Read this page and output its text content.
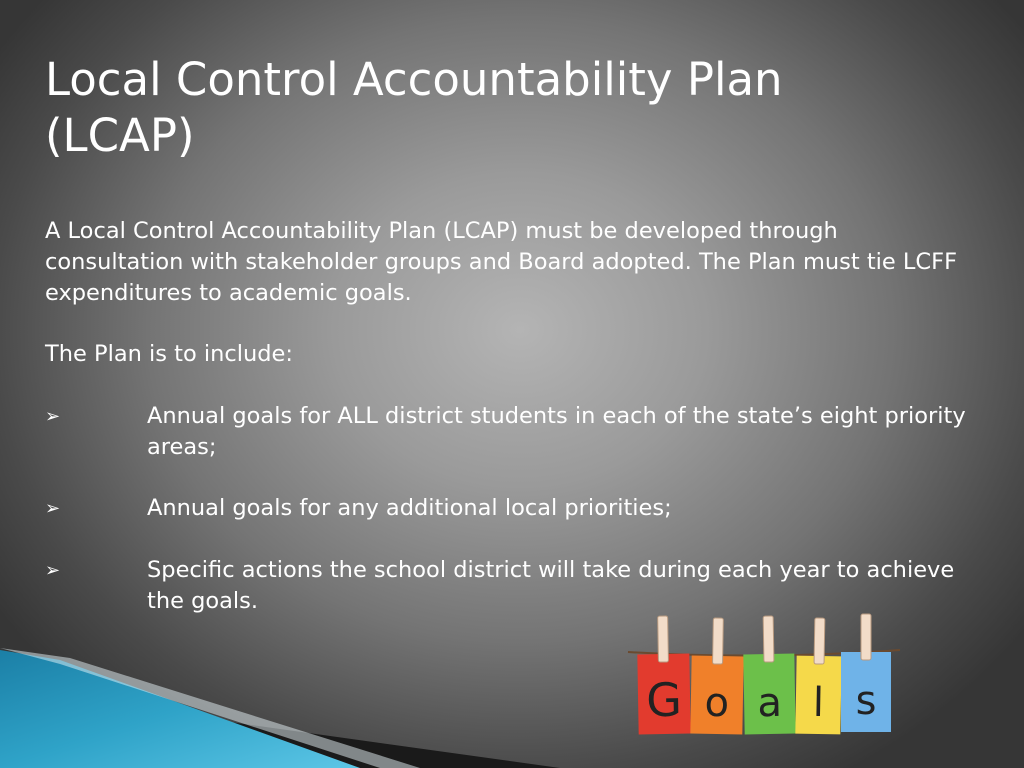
Local Control Accountability Plan (LCAP)

A Local Control Accountability Plan (LCAP) must be developed through consultation with stakeholder groups and Board adopted. The Plan must tie LCFF expenditures to academic goals.

The Plan is to include:

➢	Annual goals for ALL district students in each of the state’s eight priority areas;
➢	Annual goals for any additional local priorities;
➢	Specific actions the school district will take during each year to achieve the goals.
G o a l s
